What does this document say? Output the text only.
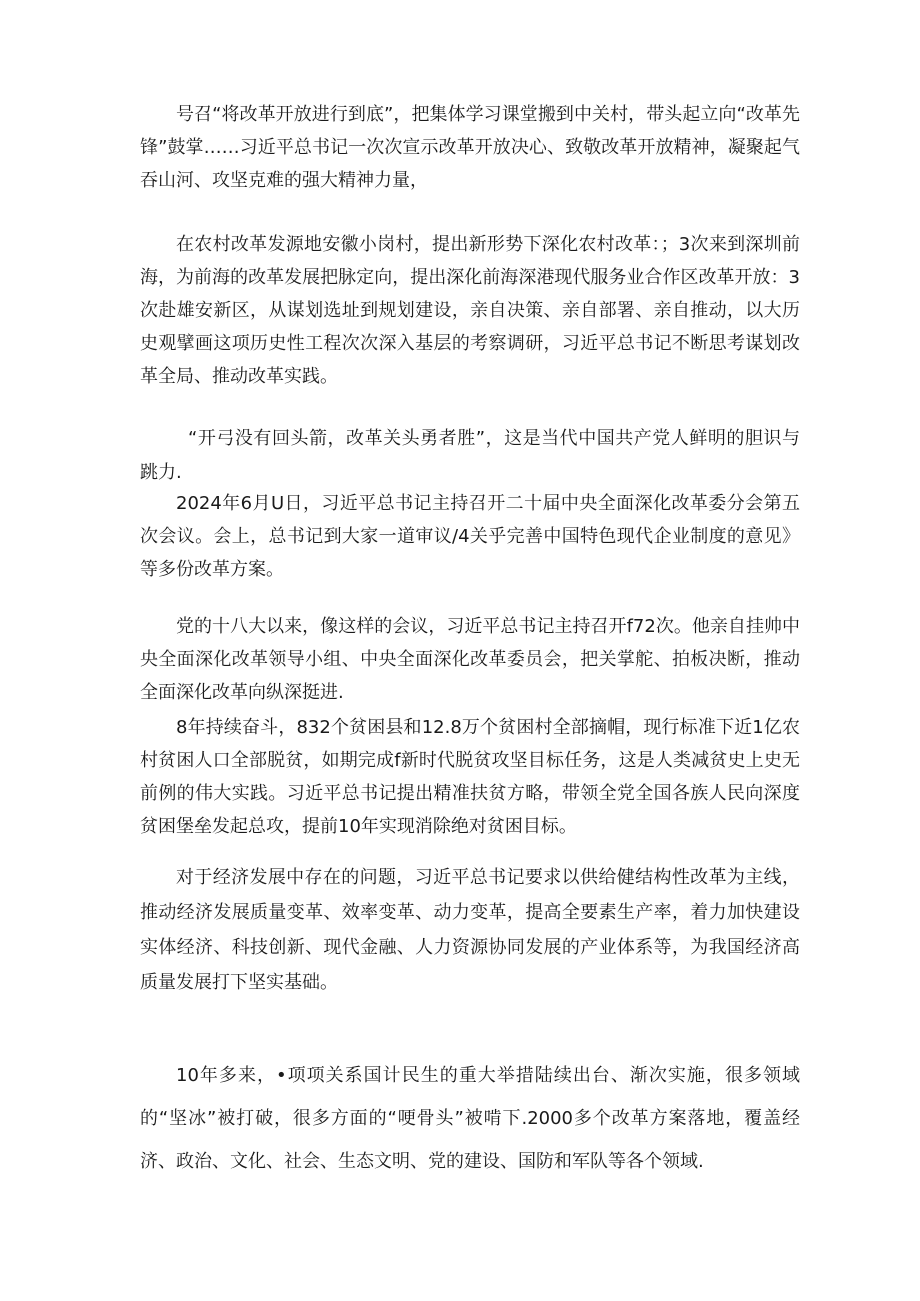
号召“将改革开放进行到底”，把集体学习课堂搬到中关村，带头起立向“改革先锋”鼓掌……习近平总书记一次次宣示改革开放决心、致敬改革开放精神，凝聚起气吞山河、攻坚克难的强大精神力量，

在农村改革发源地安徽小岗村，提出新形势下深化农村改革：；3次来到深圳前海，为前海的改革发展把脉定向，提出深化前海深港现代服务业合作区改革开放：3次赴雄安新区，从谋划选址到规划建设，亲自决策、亲自部署、亲自推动，以大历史观擘画这项历史性工程次次深入基层的考察调研，习近平总书记不断思考谋划改革全局、推动改革实践。

“开弓没有回头箭，改革关头勇者胜”，这是当代中国共产党人鲜明的胆识与跳力.

2024年6月U日，习近平总书记主持召开二十届中央全面深化改革委分会第五次会议。会上，总书记到大家一道审议/4关乎完善中国特色现代企业制度的意见》等多份改革方案。

党的十八大以来，像这样的会议，习近平总书记主持召开f72次。他亲自挂帅中央全面深化改革领导小组、中央全面深化改革委员会，把关掌舵、拍板决断，推动全面深化改革向纵深挺进.

8年持续奋斗，832个贫困县和12.8万个贫困村全部摘帽，现行标准下近1亿农村贫困人口全部脱贫，如期完成f新时代脱贫攻坚目标任务，这是人类减贫史上史无前例的伟大实践。习近平总书记提出精准扶贫方略，带领全党全国各族人民向深度贫困堡垒发起总攻，提前10年实现消除绝对贫困目标。

对于经济发展中存在的问题，习近平总书记要求以供给健结构性改革为主线，推动经济发展质量变革、效率变革、动力变革，提高全要素生产率，着力加快建设实体经济、科技创新、现代金融、人力资源协同发展的产业体系等，为我国经济高质量发展打下坚实基础。

10年多来，•项项关系国计民生的重大举措陆续出台、渐次实施，很多领域的“坚冰”被打破，很多方面的“哽骨头”被啃下.2000多个改革方案落地，覆盖经济、政治、文化、社会、生态文明、党的建设、国防和军队等各个领域.
